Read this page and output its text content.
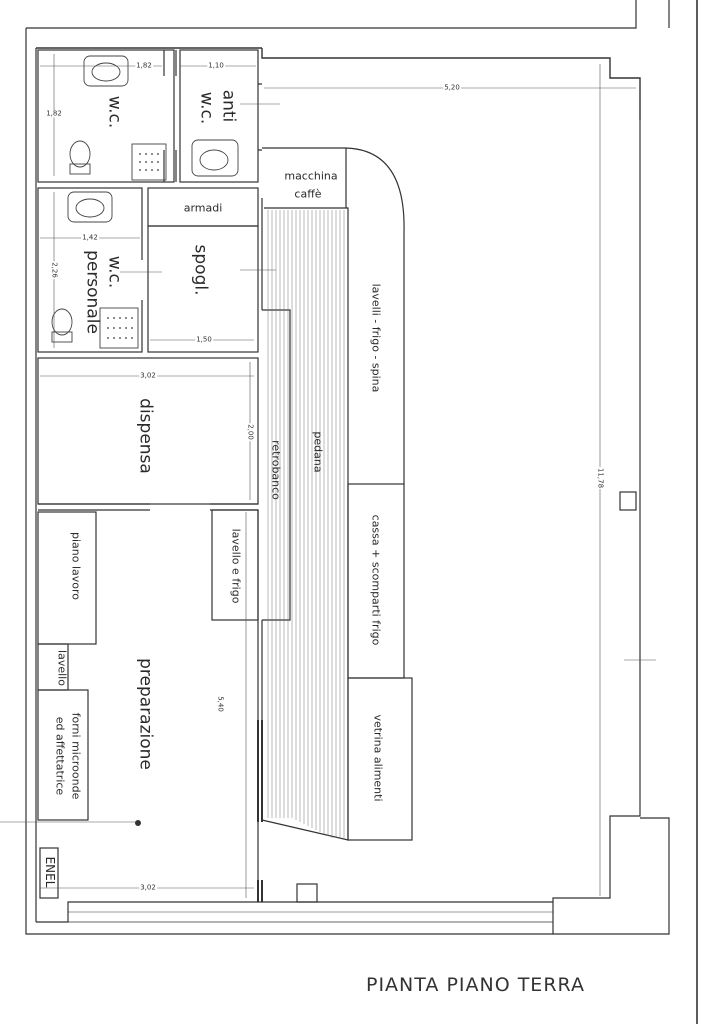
w.c.	anti
w.c.
armadi
w.c.
personale	spogl.
dispensa
preparazione
macchina
caffè
lavelli - frigo - spina
pedana
retrobanco
cassa + scomparti frigo
vetrina alimenti
lavello e frigo
piano lavoro
lavello
forni microonde
ed affettatrice
ENEL
1,82
1,82
1,10
5,20
1,42
2,26
1,50
3,02
2,00
11,78
5,40
3,02
PIANTA PIANO TERRA
